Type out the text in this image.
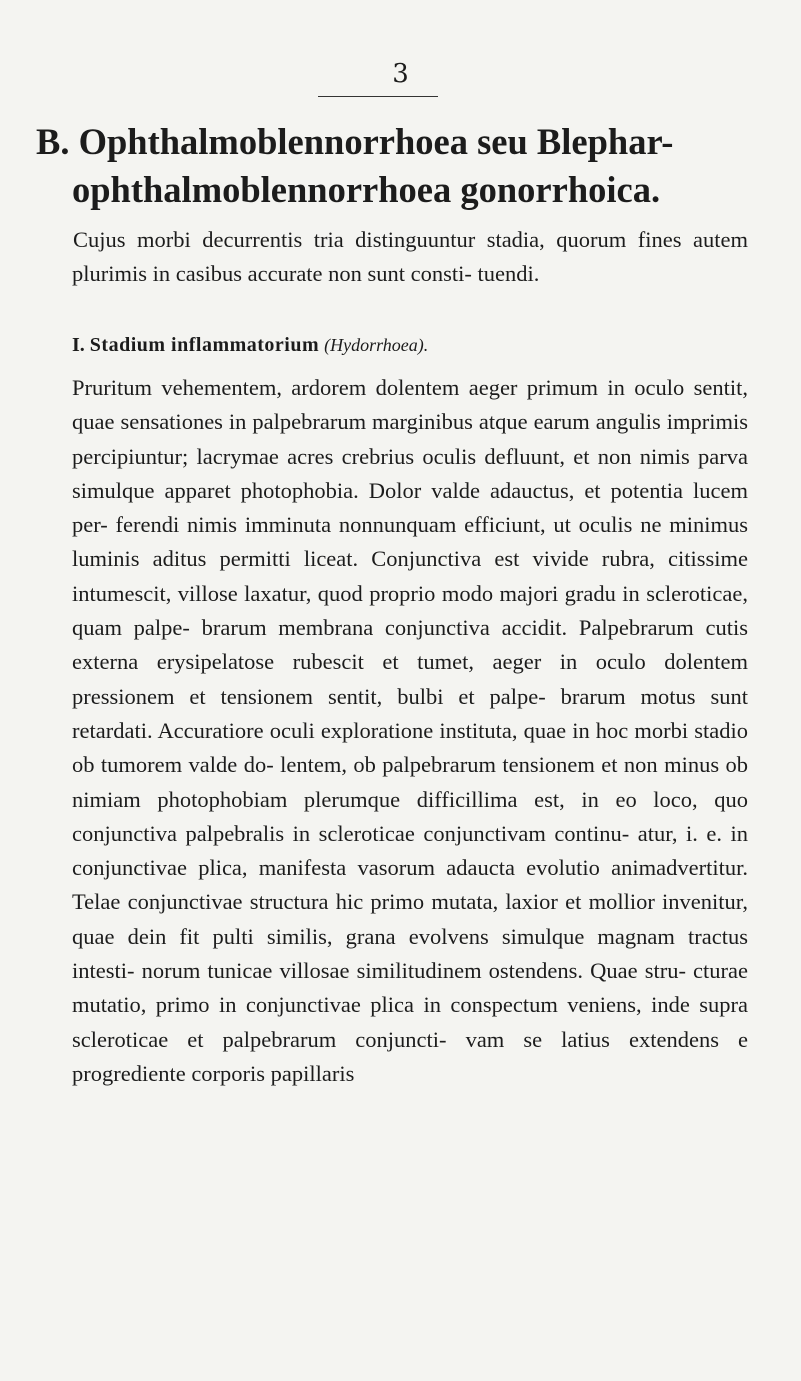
3
B. Ophthalmoblennorrhoea seu Blephar-
ophthalmoblennorrhoea gonorrhoica.

Cujus morbi decurrentis tria distinguuntur stadia, quorum fines autem plurimis in casibus accurate non sunt consti- tuendi.

I. Stadium inflammatorium (Hydorrhoea).

Pruritum vehementem, ardorem dolentem aeger primum in oculo sentit, quae sensationes in palpebrarum marginibus atque earum angulis imprimis percipiuntur; lacrymae acres crebrius oculis defluunt, et non nimis parva simulque apparet photophobia. Dolor valde adauctus, et potentia lucem per- ferendi nimis imminuta nonnunquam efficiunt, ut oculis ne minimus luminis aditus permitti liceat. Conjunctiva est vivide rubra, citissime intumescit, villose laxatur, quod proprio modo majori gradu in scleroticae, quam palpe- brarum membrana conjunctiva accidit. Palpebrarum cutis externa erysipelatose rubescit et tumet, aeger in oculo dolentem pressionem et tensionem sentit, bulbi et palpe- brarum motus sunt retardati. Accuratiore oculi exploratione instituta, quae in hoc morbi stadio ob tumorem valde do- lentem, ob palpebrarum tensionem et non minus ob nimiam photophobiam plerumque difficillima est, in eo loco, quo conjunctiva palpebralis in scleroticae conjunctivam continu- atur, i. e. in conjunctivae plica, manifesta vasorum adaucta evolutio animadvertitur. Telae conjunctivae structura hic primo mutata, laxior et mollior invenitur, quae dein fit pulti similis, grana evolvens simulque magnam tractus intesti- norum tunicae villosae similitudinem ostendens. Quae stru- cturae mutatio, primo in conjunctivae plica in conspectum veniens, inde supra scleroticae et palpebrarum conjuncti- vam se latius extendens e progrediente corporis papillaris
